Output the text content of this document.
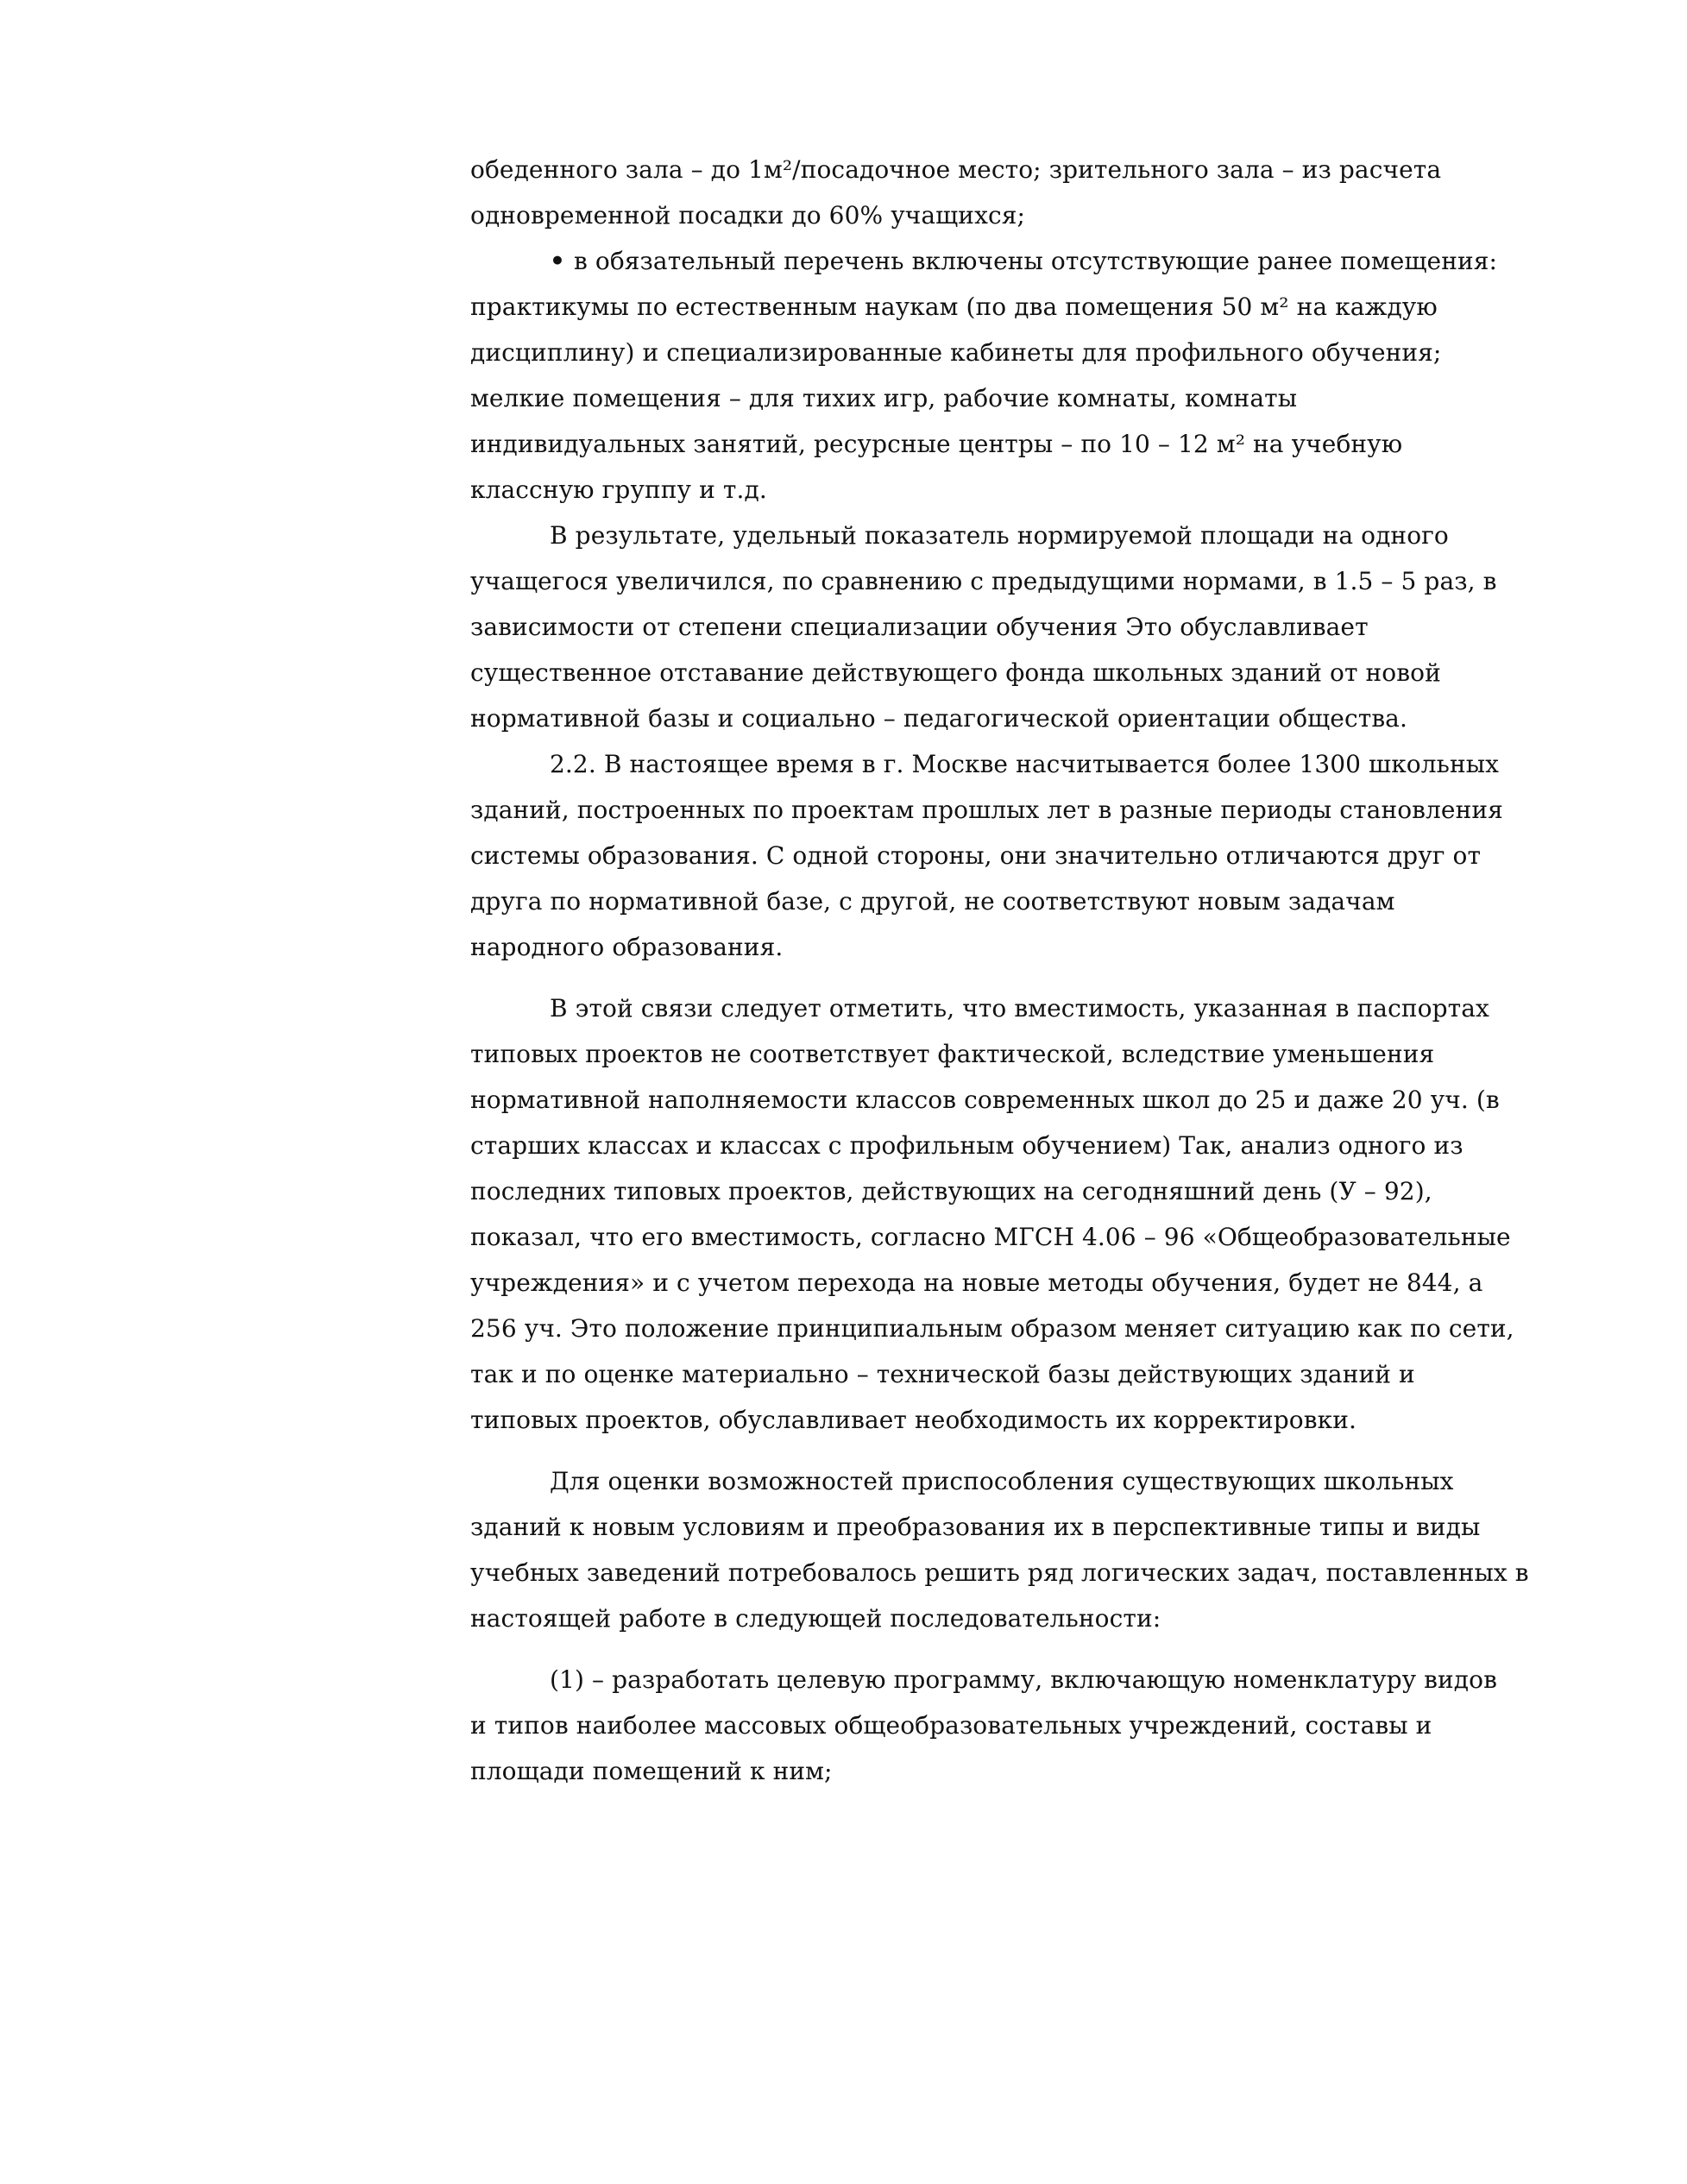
обеденного зала – до 1м²/посадочное место; зрительного зала – из расчета
одновременной посадки до 60% учащихся;
• в обязательный перечень включены отсутствующие ранее помещения:
практикумы по естественным наукам (по два помещения 50 м² на каждую
дисциплину) и специализированные кабинеты для профильного обучения;
мелкие помещения – для тихих игр, рабочие комнаты, комнаты
индивидуальных занятий, ресурсные центры – по 10 – 12 м² на учебную
классную группу и т.д.
В результате, удельный показатель нормируемой площади на одного
учащегося увеличился, по сравнению с предыдущими нормами, в 1.5 – 5 раз, в
зависимости от степени специализации обучения Это обуславливает
существенное отставание действующего фонда школьных зданий от новой
нормативной базы и социально – педагогической ориентации общества.
2.2. В настоящее время в г. Москве насчитывается более 1300 школьных
зданий, построенных по проектам прошлых лет в разные периоды становления
системы образования. С одной стороны, они значительно отличаются друг от
друга по нормативной базе, с другой, не соответствуют новым задачам
народного образования.
В этой связи следует отметить, что вместимость, указанная в паспортах
типовых проектов не соответствует фактической, вследствие уменьшения
нормативной наполняемости классов современных школ до 25 и даже 20 уч. (в
старших классах и классах с профильным обучением) Так, анализ одного из
последних типовых проектов, действующих на сегодняшний день (У – 92),
показал, что его вместимость, согласно МГСН 4.06 – 96 «Общеобразовательные
учреждения» и с учетом перехода на новые методы обучения, будет не 844, а
256 уч. Это положение принципиальным образом меняет ситуацию как по сети,
так и по оценке материально – технической базы действующих зданий и
типовых проектов, обуславливает необходимость их корректировки.
Для оценки возможностей приспособления существующих школьных
зданий к новым условиям и преобразования их в перспективные типы и виды
учебных заведений потребовалось решить ряд логических задач, поставленных в
настоящей работе в следующей последовательности:
(1) – разработать целевую программу, включающую номенклатуру видов
и типов наиболее массовых общеобразовательных учреждений, составы и
площади помещений к ним;
